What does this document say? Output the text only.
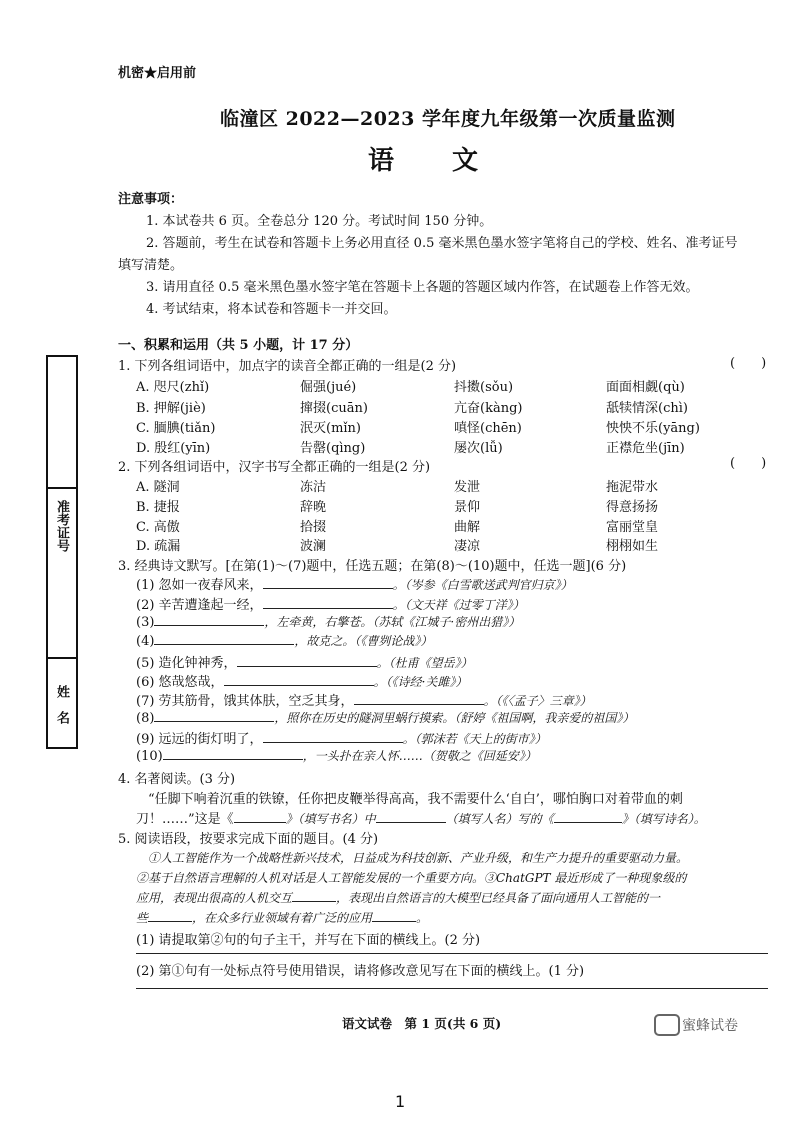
机密★启用前
临潼区 2022—2023 学年度九年级第一次质量监测
语　　文
注意事项：
1. 本试卷共 6 页。全卷总分 120 分。考试时间 150 分钟。
2. 答题前，考生在试卷和答题卡上务必用直径 0.5 毫米黑色墨水签字笔将自己的学校、姓名、准考证号
填写清楚。
3. 请用直径 0.5 毫米黑色墨水签字笔在答题卡上各题的答题区域内作答，在试题卷上作答无效。
4. 考试结束，将本试卷和答题卡一并交回。
准考证号
姓　名
一、积累和运用（共 5 小题，计 17 分）
1. 下列各组词语中，加点字的读音全都正确的一组是(2 分)	(　　)
A. 咫尺(zhǐ)	倔强(jué)	抖擞(sǒu)	面面相觑(qù)
B. 押解(jiè)	撺掇(cuān)	亢奋(kàng)	舐犊情深(chì)
C. 腼腆(tiǎn)	泯灭(mǐn)	嗔怪(chēn)	怏怏不乐(yāng)
D. 殷红(yīn)	告罄(qìng)	屡次(lǚ)	正襟危坐(jīn)
2. 下列各组词语中，汉字书写全都正确的一组是(2 分)	(　　)
A. 隧洞	冻沽	发泄	拖泥带水
B. 捷报	辞晚	景仰	得意扬扬
C. 高傲	拾掇	曲解	富丽堂皇
D. 疏漏	波澜	凄凉	栩栩如生
3. 经典诗文默写。[在第(1)～(7)题中，任选五题；在第(8)～(10)题中，任选一题](6 分)
(1) 忽如一夜春风来，	。（岑参《白雪歌送武判官归京》）
(2) 辛苦遭逢起一经，	。（文天祥《过零丁洋》）
(3)	，左牵黄，右擎苍。（苏轼《江城子·密州出猎》）
(4)	，故克之。（《曹刿论战》）
(5) 造化钟神秀，	。（杜甫《望岳》）
(6) 悠哉悠哉，	。（《诗经·关雎》）
(7) 劳其筋骨，饿其体肤，空乏其身，	。（《〈孟子〉三章》）
(8)	，照你在历史的隧洞里蜗行摸索。（舒婷《祖国啊，我亲爱的祖国》）
(9) 远远的街灯明了，	。（郭沫若《天上的街市》）
(10)	，一头扑在亲人怀……（贺敬之《回延安》）
4. 名著阅读。(3 分)
“任脚下响着沉重的铁镣，任你把皮鞭举得高高，我不需要什么‘自白’，哪怕胸口对着带血的刺
刀！……”这是《	》（填写书名）中	（填写人名）写的《	》（填写诗名）。
5. 阅读语段，按要求完成下面的题目。(4 分)
①人工智能作为一个战略性新兴技术，日益成为科技创新、产业升级，和生产力提升的重要驱动力量。
②基于自然语言理解的人机对话是人工智能发展的一个重要方向。③ChatGPT 最近形成了一种现象级的
应用，表现出很高的人机交互	，表现出自然语言的大模型已经具备了面向通用人工智能的一
些	，在众多行业领域有着广泛的应用	。
(1) 请提取第②句的句子主干，并写在下面的横线上。(2 分)
(2) 第①句有一处标点符号使用错误，请将修改意见写在下面的横线上。(1 分)
语文试卷　第 1 页(共 6 页)	蜜蜂试卷
1
